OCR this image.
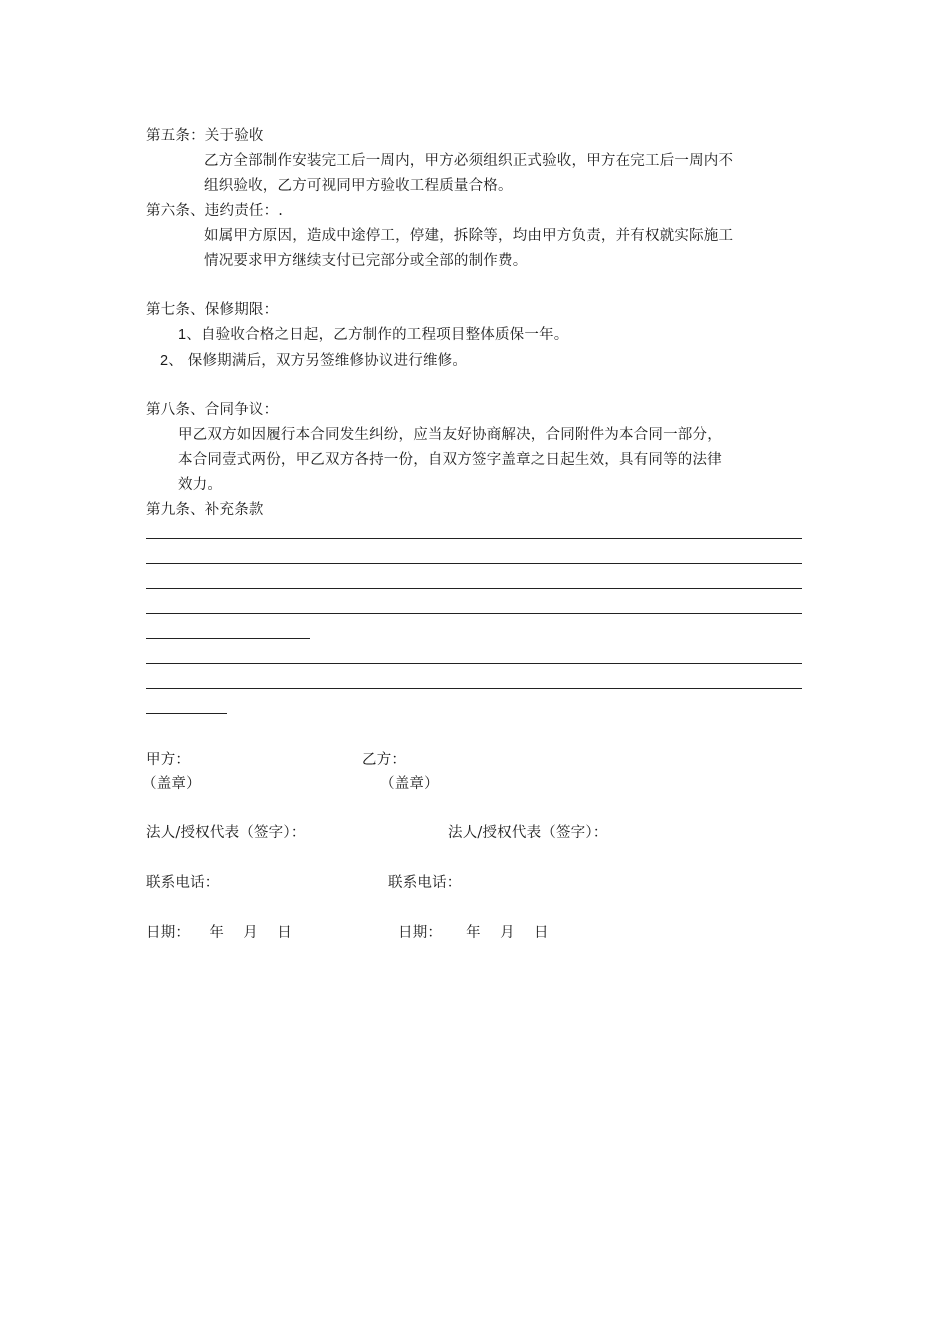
第五条：关于验收
乙方全部制作安装完工后一周内，甲方必须组织正式验收，甲方在完工后一周内不
组织验收，乙方可视同甲方验收工程质量合格。
第六条、违约责任：.
如属甲方原因，造成中途停工，停建，拆除等，均由甲方负责，并有权就实际施工
情况要求甲方继续支付已完部分或全部的制作费。
第七条、保修期限：
1、自验收合格之日起，乙方制作的工程项目整体质保一年。
2、 保修期满后，双方另签维修协议进行维修。
第八条、合同争议：
甲乙双方如因履行本合同发生纠纷，应当友好协商解决，合同附件为本合同一部分，
本合同壹式两份，甲乙双方各持一份，自双方签字盖章之日起生效，具有同等的法律
效力。
第九条、补充条款
甲方：	乙方：
（盖章）	（盖章）
法人/授权代表（签字）：	法人/授权代表（签字）：
联系电话：	联系电话：
日期：    年    月    日	日期：     年    月    日
